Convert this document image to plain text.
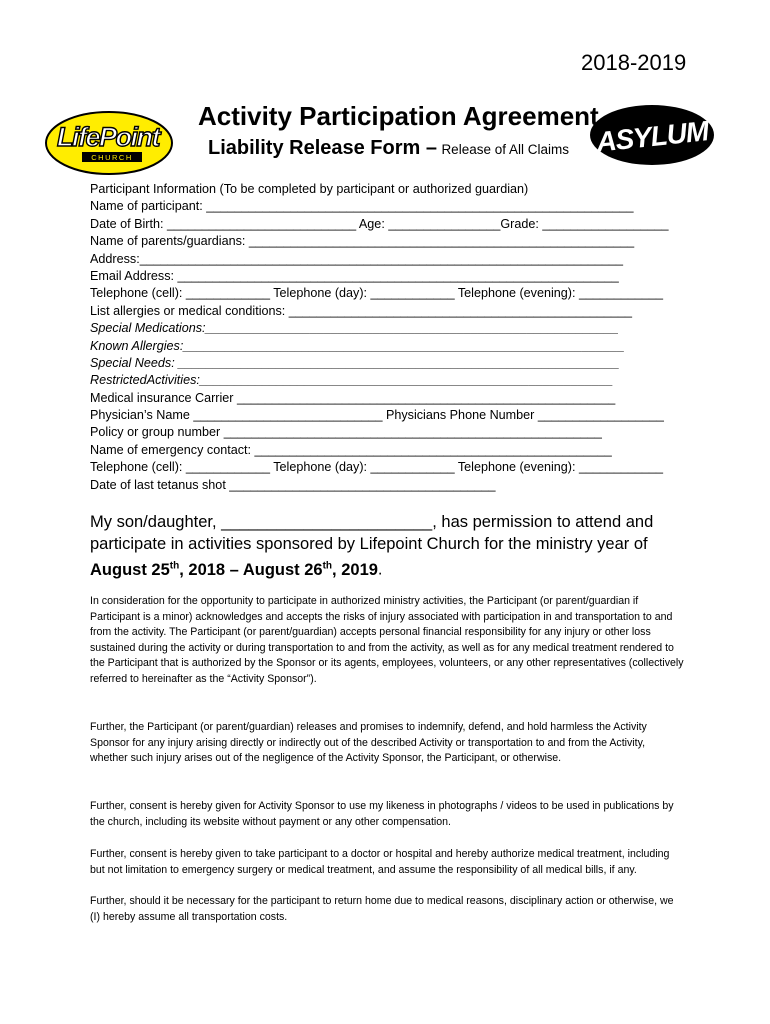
2018-2019
LifePoint
CHURCH
Activity Participation Agreement
Liability Release Form – Release of All Claims ASYLUM
Participant Information (To be completed by participant or authorized guardian)
Name of participant: _____________________________________________________________
Date of Birth: ___________________________ Age: ________________Grade: __________________
Name of parents/guardians: _______________________________________________________
Address:_____________________________________________________________________
Email Address: _______________________________________________________________
Telephone (cell): ____________ Telephone (day): ____________ Telephone (evening): ____________
List allergies or medical conditions: _________________________________________________
Special Medications:___________________________________________________________
Known Allergies:_______________________________________________________________
Special Needs: _______________________________________________________________
RestrictedActivities:___________________________________________________________
Medical insurance Carrier ______________________________________________________
Physician’s Name ___________________________ Physicians Phone Number __________________
Policy or group number ______________________________________________________
Name of emergency contact: ___________________________________________________
Telephone (cell): ____________ Telephone (day): ____________ Telephone (evening): ____________
Date of last tetanus shot ______________________________________
My son/daughter, _______________________, has permission to attend and participate in activities sponsored by Lifepoint Church for the ministry year of August 25th, 2018 – August 26th, 2019.
In consideration for the opportunity to participate in authorized ministry activities, the Participant (or parent/guardian if Participant is a minor) acknowledges and accepts the risks of injury associated with participation in and transportation to and from the activity. The Participant (or parent/guardian) accepts personal financial responsibility for any injury or other loss sustained during the activity or during transportation to and from the activity, as well as for any medical treatment rendered to the Participant that is authorized by the Sponsor or its agents, employees, volunteers, or any other representatives (collectively referred to hereinafter as the “Activity Sponsor”).
Further, the Participant (or parent/guardian) releases and promises to indemnify, defend, and hold harmless the Activity Sponsor for any injury arising directly or indirectly out of the described Activity or transportation to and from the Activity, whether such injury arises out of the negligence of the Activity Sponsor, the Participant, or otherwise.
Further, consent is hereby given for Activity Sponsor to use my likeness in photographs / videos to be used in publications by the church, including its website without payment or any other compensation.
Further, consent is hereby given to take participant to a doctor or hospital and hereby authorize medical treatment, including but not limitation to emergency surgery or medical treatment, and assume the responsibility of all medical bills, if any.
Further, should it be necessary for the participant to return home due to medical reasons, disciplinary action or otherwise, we (I) hereby assume all transportation costs.
